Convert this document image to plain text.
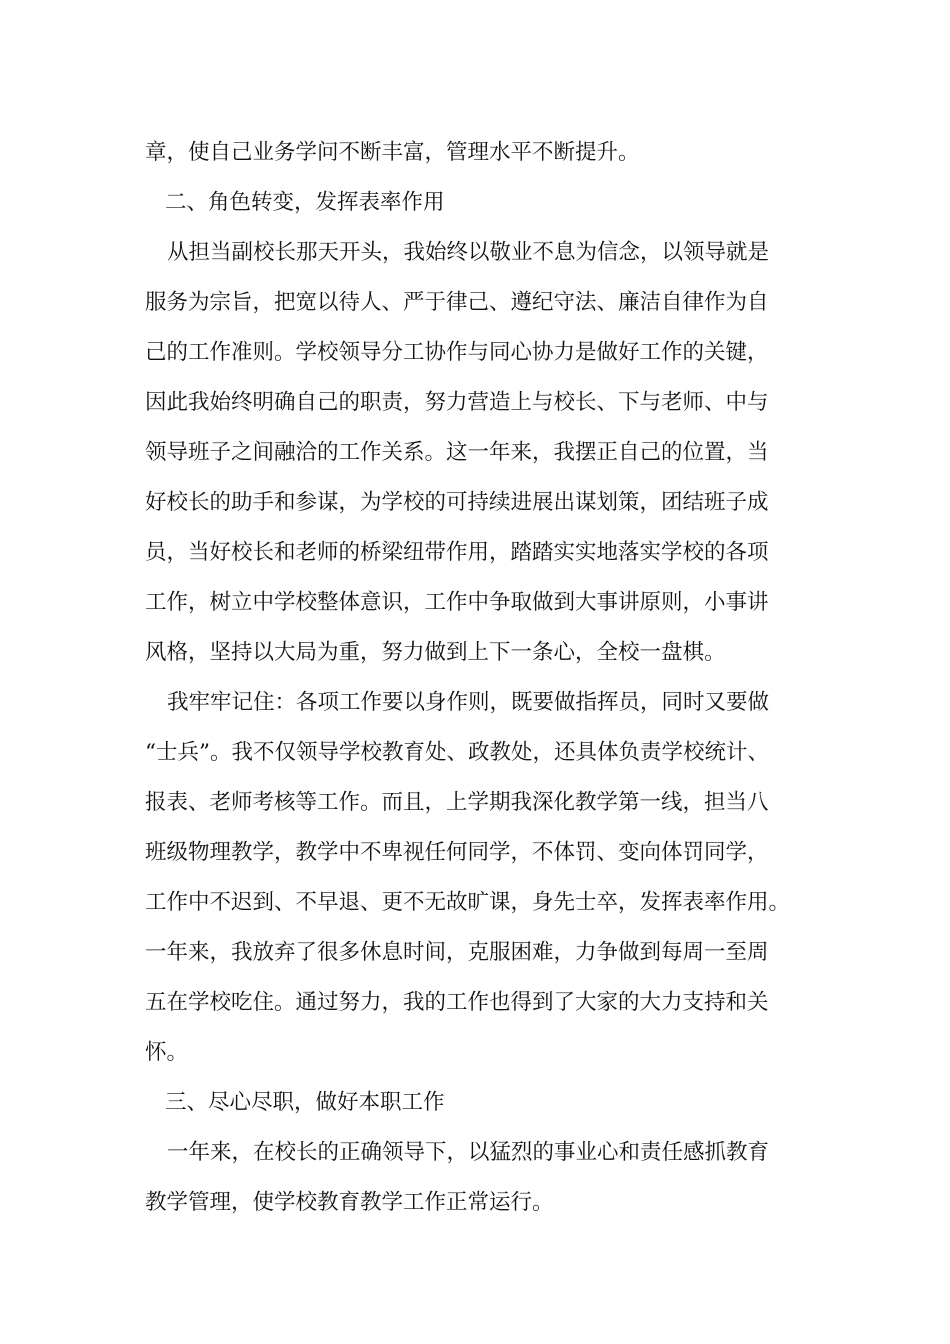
章，使自己业务学问不断丰富，管理水平不断提升。
二、角色转变，发挥表率作用
从担当副校长那天开头，我始终以敬业不息为信念，以领导就是
服务为宗旨，把宽以待人、严于律己、遵纪守法、廉洁自律作为自
己的工作准则。学校领导分工协作与同心协力是做好工作的关键，
因此我始终明确自己的职责，努力营造上与校长、下与老师、中与
领导班子之间融洽的工作关系。这一年来，我摆正自己的位置，当
好校长的助手和参谋，为学校的可持续进展出谋划策，团结班子成
员，当好校长和老师的桥梁纽带作用，踏踏实实地落实学校的各项
工作，树立中学校整体意识，工作中争取做到大事讲原则，小事讲
风格，坚持以大局为重，努力做到上下一条心，全校一盘棋。
我牢牢记住：各项工作要以身作则，既要做指挥员，同时又要做
“士兵”。我不仅领导学校教育处、政教处，还具体负责学校统计、
报表、老师考核等工作。而且，上学期我深化教学第一线，担当八
班级物理教学，教学中不卑视任何同学，不体罚、变向体罚同学，
工作中不迟到、不早退、更不无故旷课，身先士卒，发挥表率作用。
一年来，我放弃了很多休息时间，克服困难，力争做到每周一至周
五在学校吃住。通过努力，我的工作也得到了大家的大力支持和关
怀。
三、尽心尽职，做好本职工作
一年来，在校长的正确领导下，以猛烈的事业心和责任感抓教育
教学管理，使学校教育教学工作正常运行。
